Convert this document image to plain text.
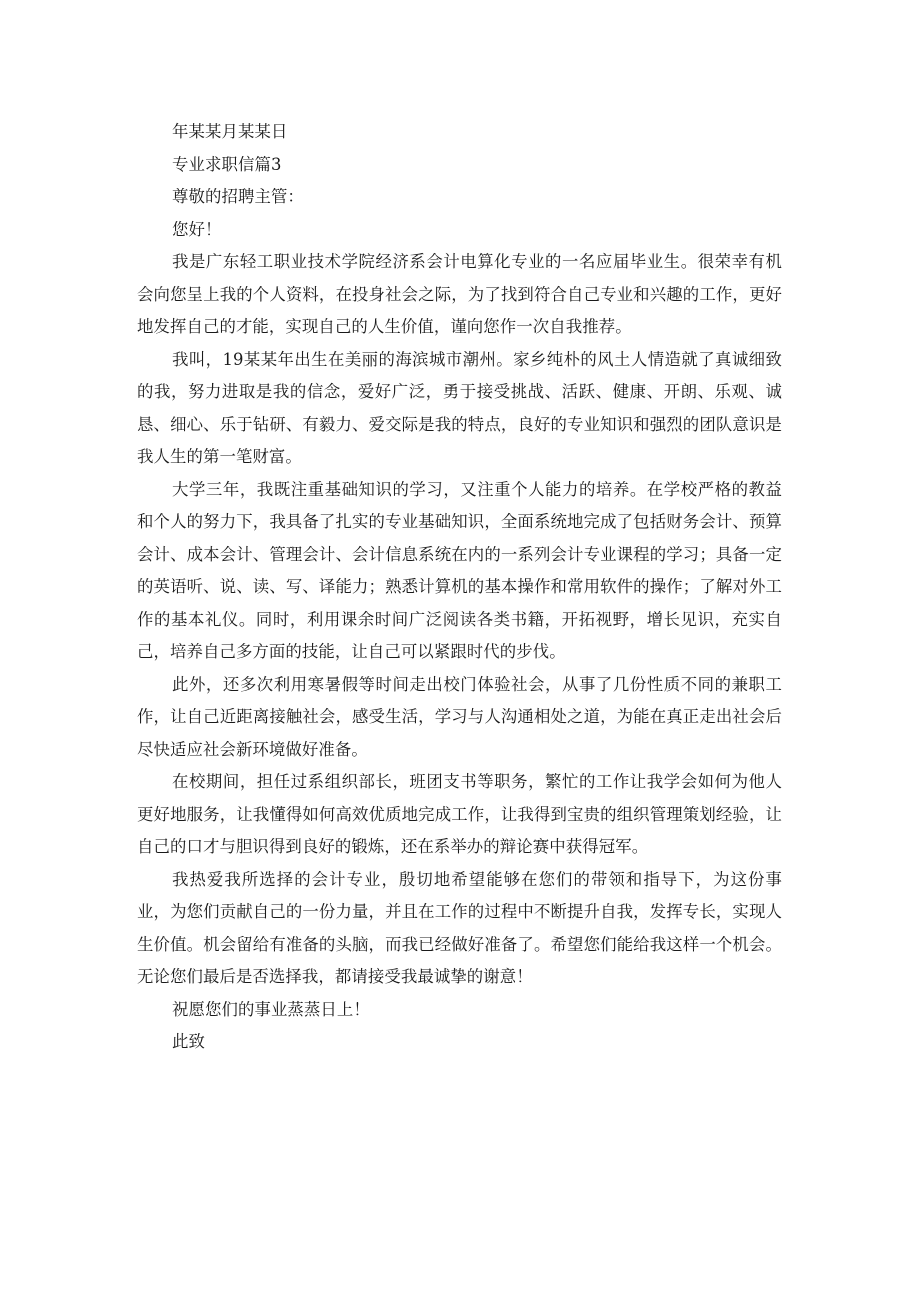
年某某月某某日

专业求职信篇3

尊敬的招聘主管：

您好！

我是广东轻工职业技术学院经济系会计电算化专业的一名应届毕业生。很荣幸有机会向您呈上我的个人资料，在投身社会之际，为了找到符合自己专业和兴趣的工作，更好地发挥自己的才能，实现自己的人生价值，谨向您作一次自我推荐。

我叫，19某某年出生在美丽的海滨城市潮州。家乡纯朴的风土人情造就了真诚细致的我，努力进取是我的信念，爱好广泛，勇于接受挑战、活跃、健康、开朗、乐观、诚恳、细心、乐于钻研、有毅力、爱交际是我的特点，良好的专业知识和强烈的团队意识是我人生的第一笔财富。

大学三年，我既注重基础知识的学习，又注重个人能力的培养。在学校严格的教益和个人的努力下，我具备了扎实的专业基础知识，全面系统地完成了包括财务会计、预算会计、成本会计、管理会计、会计信息系统在内的一系列会计专业课程的学习；具备一定的英语听、说、读、写、译能力；熟悉计算机的基本操作和常用软件的操作；了解对外工作的基本礼仪。同时，利用课余时间广泛阅读各类书籍，开拓视野，增长见识，充实自己，培养自己多方面的技能，让自己可以紧跟时代的步伐。

此外，还多次利用寒暑假等时间走出校门体验社会，从事了几份性质不同的兼职工作，让自己近距离接触社会，感受生活，学习与人沟通相处之道，为能在真正走出社会后尽快适应社会新环境做好准备。

在校期间，担任过系组织部长，班团支书等职务，繁忙的工作让我学会如何为他人更好地服务，让我懂得如何高效优质地完成工作，让我得到宝贵的组织管理策划经验，让自己的口才与胆识得到良好的锻炼，还在系举办的辩论赛中获得冠军。

我热爱我所选择的会计专业，殷切地希望能够在您们的带领和指导下，为这份事业，为您们贡献自己的一份力量，并且在工作的过程中不断提升自我，发挥专长，实现人生价值。机会留给有准备的头脑，而我已经做好准备了。希望您们能给我这样一个机会。无论您们最后是否选择我，都请接受我最诚挚的谢意！

祝愿您们的事业蒸蒸日上！

此致
